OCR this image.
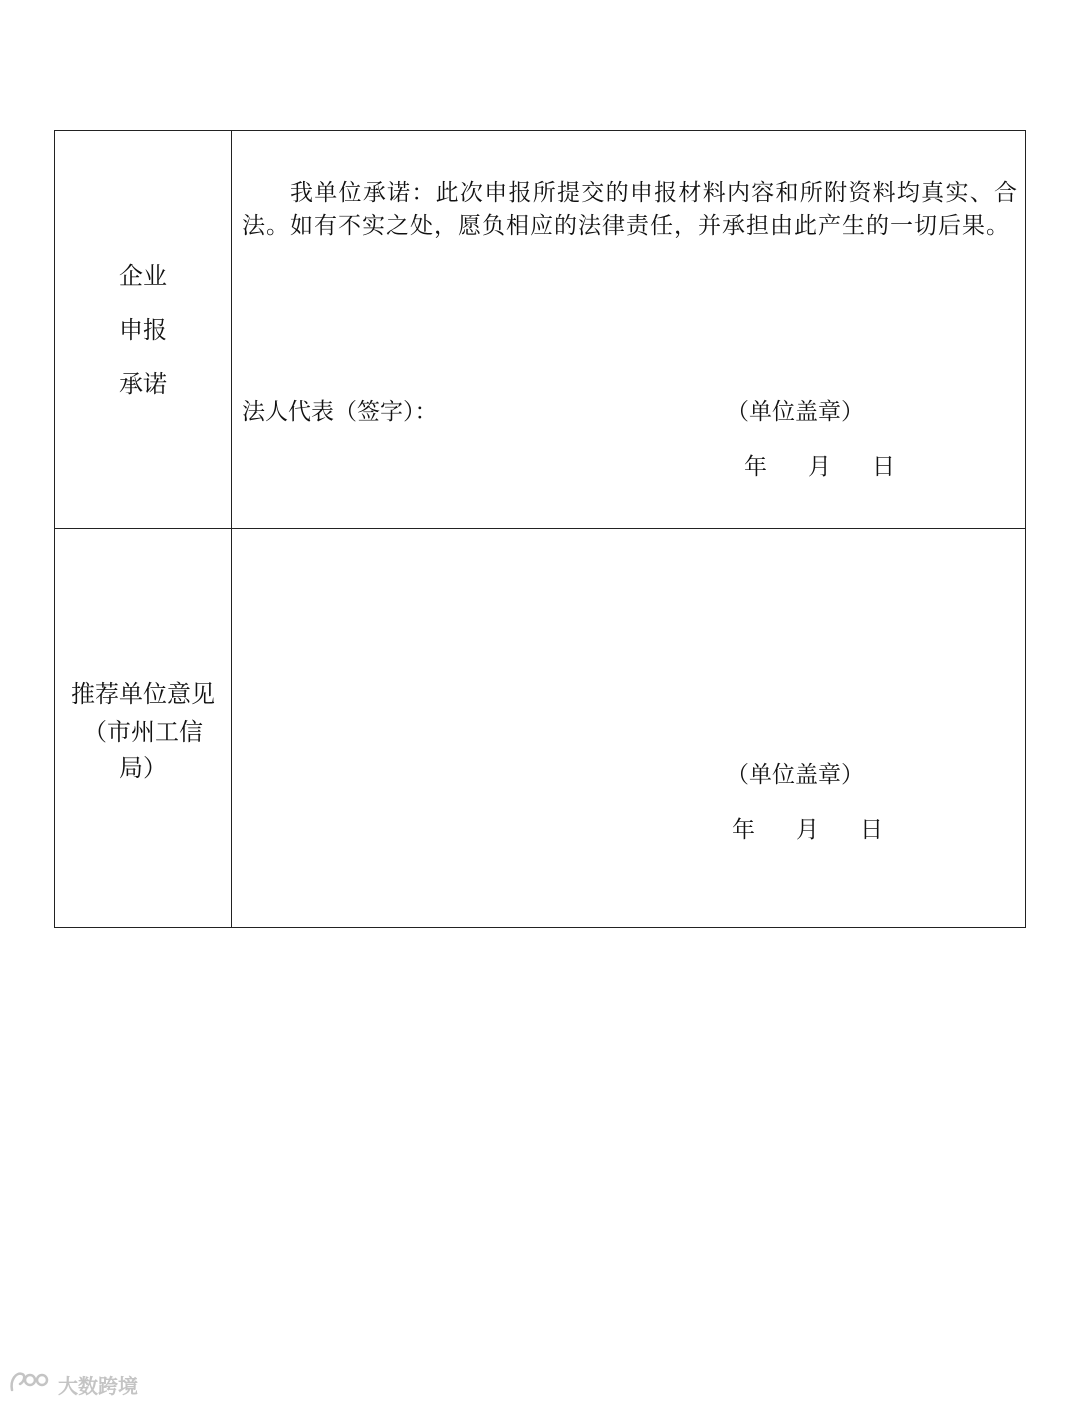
企业
申报
承诺
我单位承诺：此次申报所提交的申报材料内容和所附资料均真实、合法。如有不实之处，愿负相应的法律责任，并承担由此产生的一切后果。
法人代表（签字）：	（单位盖章）
年 月 日
推荐单位意见
（市州工信
局）	（单位盖章）
年 月 日
大数跨境
